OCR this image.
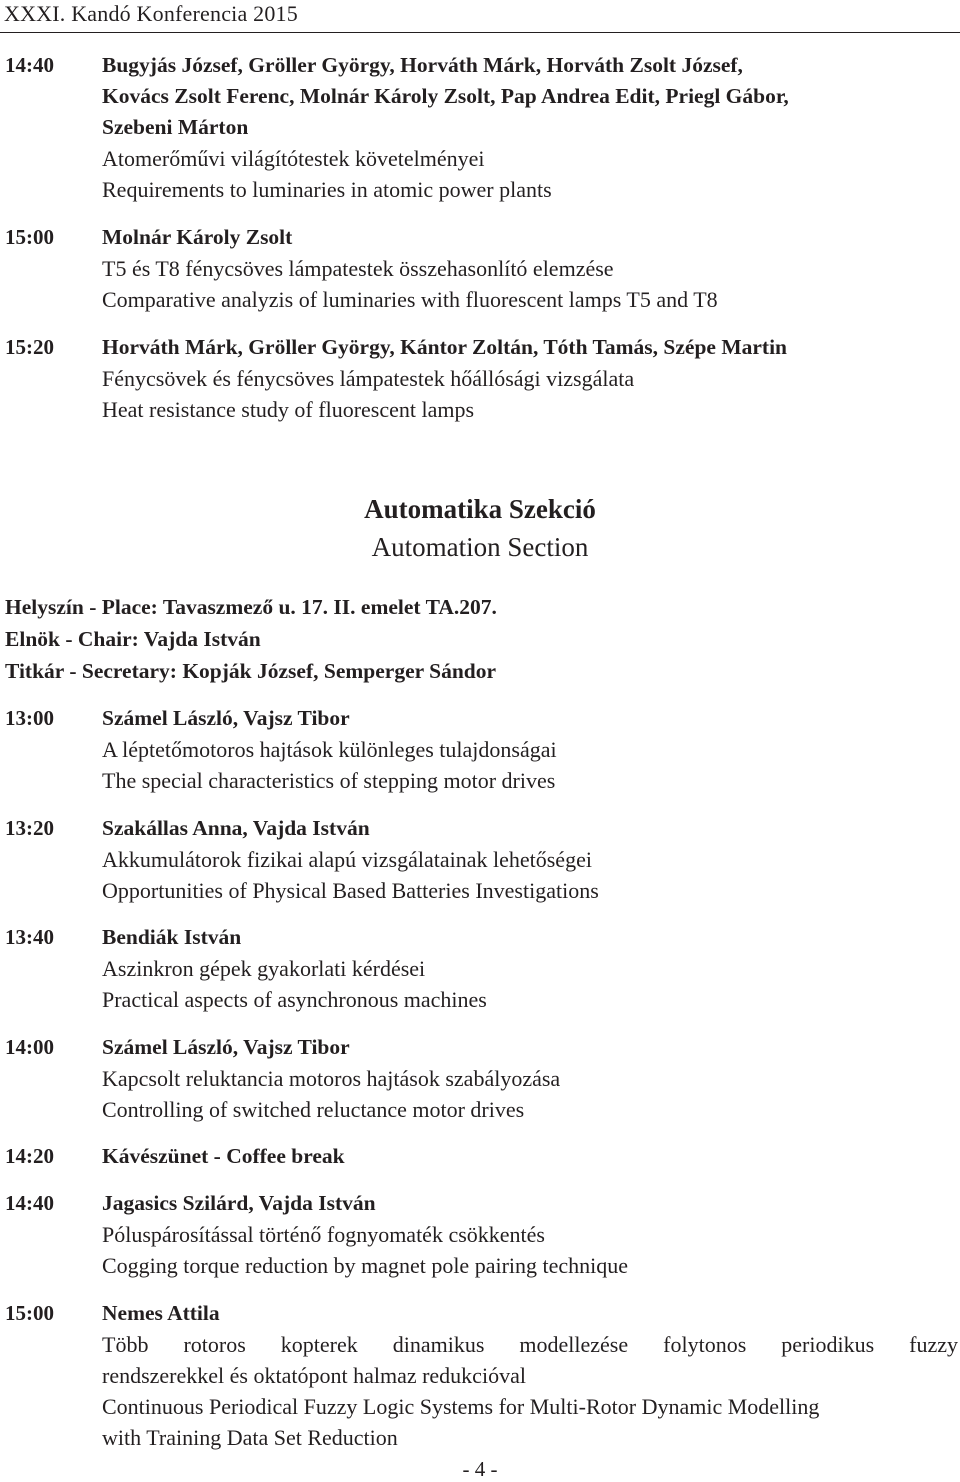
XXXI. Kandó Konferencia 2015
14:40 Bugyjás József, Gröller György, Horváth Márk, Horváth Zsolt József,
Kovács Zsolt Ferenc, Molnár Károly Zsolt, Pap Andrea Edit, Priegl Gábor,
Szebeni Márton
Atomerőművi világítótestek követelményei
Requirements to luminaries in atomic power plants
15:00 Molnár Károly Zsolt
T5 és T8 fénycsöves lámpatestek összehasonlító elemzése
Comparative analyzis of luminaries with fluorescent lamps T5 and T8
15:20 Horváth Márk, Gröller György, Kántor Zoltán, Tóth Tamás, Szépe Martin
Fénycsövek és fénycsöves lámpatestek hőállósági vizsgálata
Heat resistance study of fluorescent lamps
Automatika Szekció
Automation Section
Helyszín - Place: Tavaszmező u. 17. II. emelet TA.207.
Elnök - Chair: Vajda István
Titkár - Secretary: Kopják József, Semperger Sándor
13:00 Számel László, Vajsz Tibor
A léptetőmotoros hajtások különleges tulajdonságai
The special characteristics of stepping motor drives
13:20 Szakállas Anna, Vajda István
Akkumulátorok fizikai alapú vizsgálatainak lehetőségei
Opportunities of Physical Based Batteries Investigations
13:40 Bendiák István
Aszinkron gépek gyakorlati kérdései
Practical aspects of asynchronous machines
14:00 Számel László, Vajsz Tibor
Kapcsolt reluktancia motoros hajtások szabályozása
Controlling of switched reluctance motor drives
14:20 Kávészünet - Coffee break
14:40 Jagasics Szilárd, Vajda István
Póluspárosítással történő fognyomaték csökkentés
Cogging torque reduction by magnet pole pairing technique
15:00 Nemes Attila
Több rotoros kopterek dinamikus modellezése folytonos periodikus fuzzy
rendszerekkel és oktatópont halmaz redukcióval
Continuous Periodical Fuzzy Logic Systems for Multi-Rotor Dynamic Modelling
with Training Data Set Reduction
- 4 -
